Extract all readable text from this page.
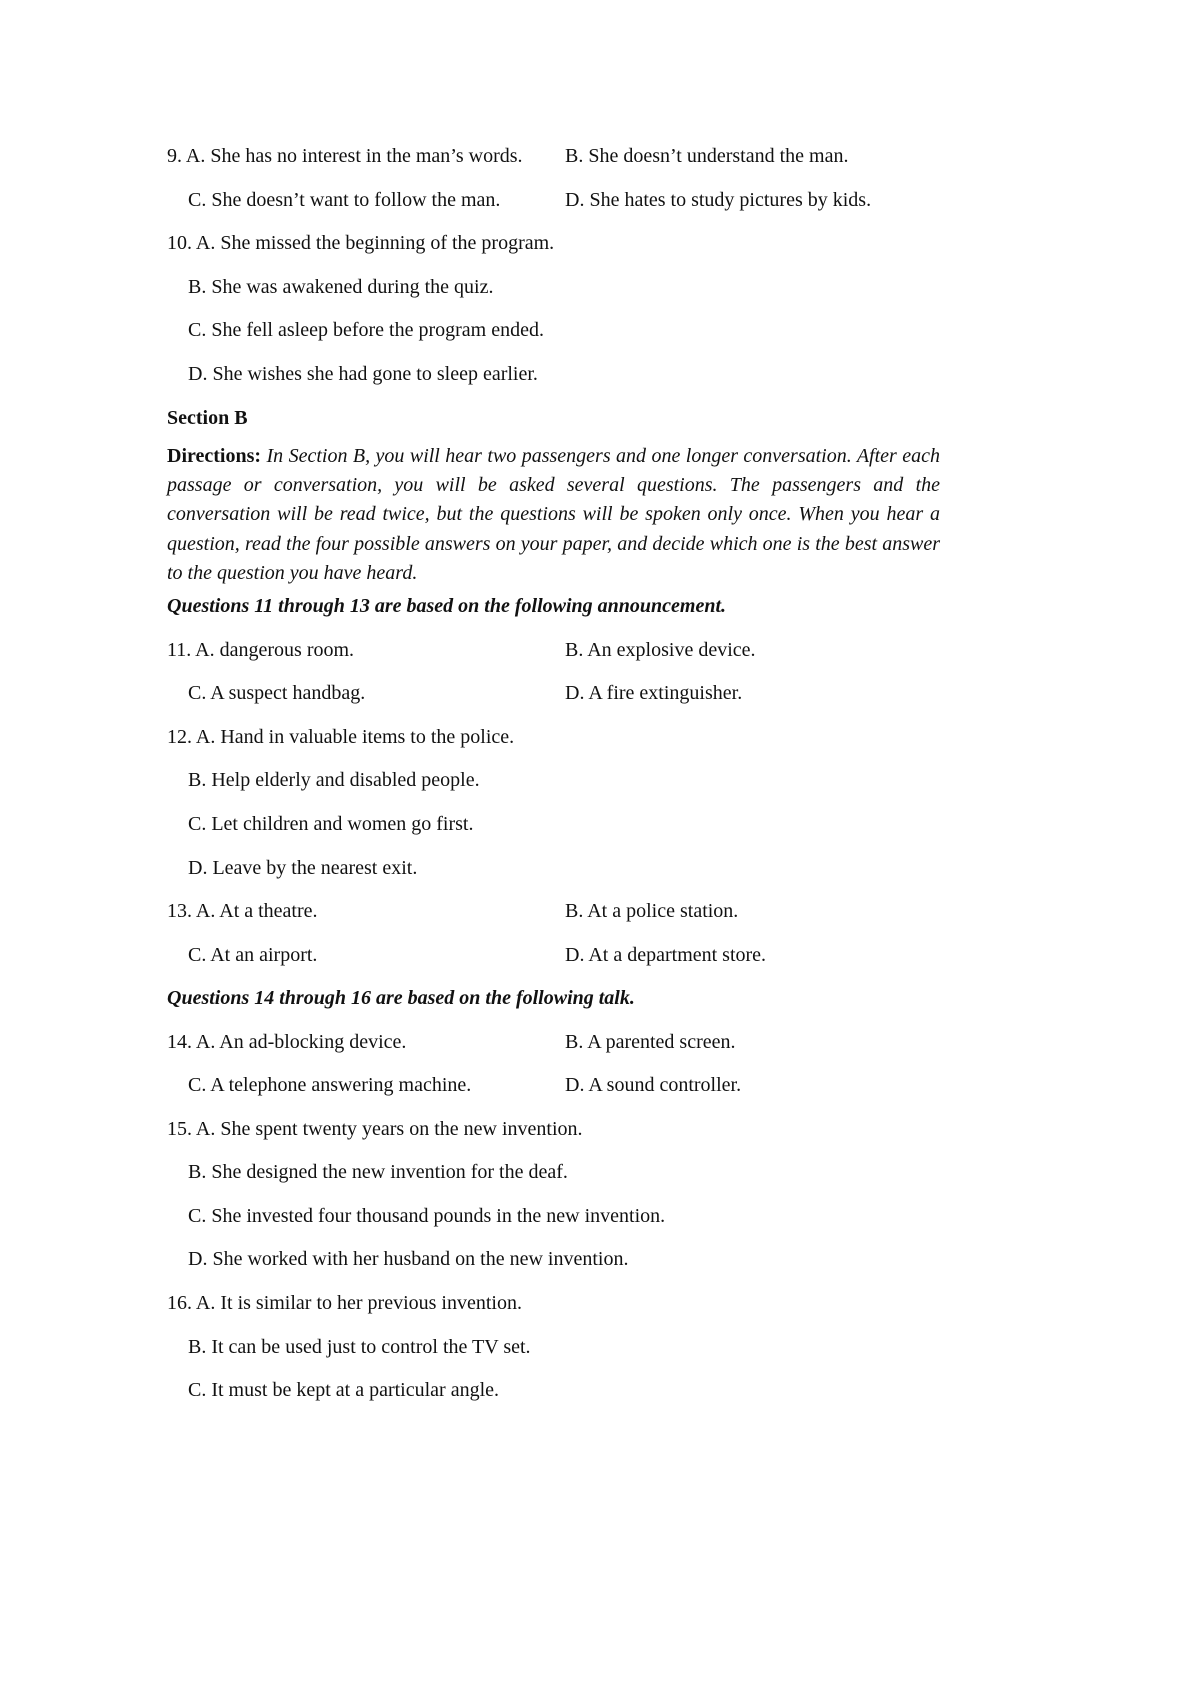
9. A. She has no interest in the man’s words. B. She doesn’t understand the man.
C. She doesn’t want to follow the man.	D. She hates to study pictures by kids.
10. A. She missed the beginning of the program.
B. She was awakened during the quiz.
C. She fell asleep before the program ended.
D. She wishes she had gone to sleep earlier.
Section B
Directions: In Section B, you will hear two passengers and one longer conversation. After each passage or conversation, you will be asked several questions. The passengers and the conversation will be read twice, but the questions will be spoken only once. When you hear a question, read the four possible answers on your paper, and decide which one is the best answer to the question you have heard.
Questions 11 through 13 are based on the following announcement.
11. A. dangerous room.	B. An explosive device.
C. A suspect handbag.	D. A fire extinguisher.
12. A. Hand in valuable items to the police.
B. Help elderly and disabled people.
C. Let children and women go first.
D. Leave by the nearest exit.
13. A. At a theatre.	B. At a police station.
C. At an airport.	D. At a department store.
Questions 14 through 16 are based on the following talk.
14. A. An ad-blocking device.	B. A parented screen.
C. A telephone answering machine.	D. A sound controller.
15. A. She spent twenty years on the new invention.
B. She designed the new invention for the deaf.
C. She invested four thousand pounds in the new invention.
D. She worked with her husband on the new invention.
16. A. It is similar to her previous invention.
B. It can be used just to control the TV set.
C. It must be kept at a particular angle.
